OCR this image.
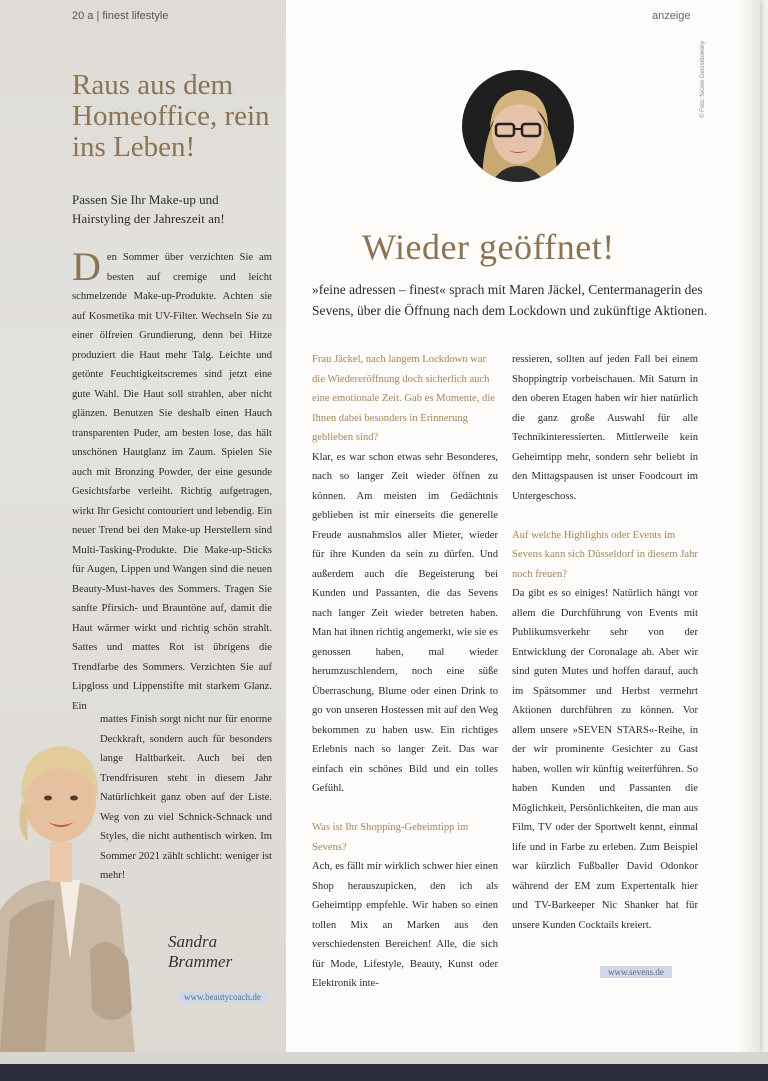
20 a | finest lifestyle	anzeige
© Foto: Nicole Gerzsidowsky
Raus aus dem Homeoffice, rein ins Leben!
Passen Sie Ihr Make-up und Hairstyling der Jahreszeit an!
Den Sommer über verzichten Sie am besten auf cremige und leicht schmelzende Make-up-Produkte. Achten sie auf Kosmetika mit UV-Filter. Wechseln Sie zu einer ölfreien Grundierung, denn bei Hitze produziert die Haut mehr Talg. Leichte und getönte Feuchtigkeitscremes sind jetzt eine gute Wahl. Die Haut soll strahlen, aber nicht glänzen. Benutzen Sie deshalb einen Hauch transparenten Puder, am besten lose, das hält unschönen Hautglanz im Zaum. Spielen Sie auch mit Bronzing Powder, der eine gesunde Gesichtsfarbe verleiht. Richtig aufgetragen, wirkt Ihr Gesicht contouriert und lebendig. Ein neuer Trend bei den Make-up Herstellern sind Multi-Tasking-Produkte. Die Make-up-Sticks für Augen, Lippen und Wangen sind die neuen Beauty-Must-haves des Sommers. Tragen Sie sanfte Pfirsich- und Brauntöne auf, damit die Haut wärmer wirkt und richtig schön strahlt. Sattes und mattes Rot ist übrigens die Trendfarbe des Sommers. Verzichten Sie auf Lipgloss und Lippenstifte mit starkem Glanz. Ein
mattes Finish sorgt nicht nur für enorme Deckkraft, sondern auch für besonders lange Haltbarkeit. Auch bei den Trendfrisuren steht in diesem Jahr Natürlichkeit ganz oben auf der Liste. Weg von zu viel Schnick-Schnack und Styles, die nicht authentisch wirken. Im Sommer 2021 zählt schlicht: weniger ist mehr!
Sandra Brammer
www.beautycoach.de
Wieder geöffnet!
»feine adressen – finest« sprach mit Maren Jäckel, Centermanagerin des Sevens, über die Öffnung nach dem Lockdown und zukünftige Aktionen.
Frau Jäckel, nach langem Lockdown war die Wiedereröffnung doch sicherlich auch eine emotionale Zeit. Gab es Momente, die Ihnen dabei besonders in Erinnerung geblieben sind?
Klar, es war schon etwas sehr Besonderes, nach so langer Zeit wieder öffnen zu können. Am meisten im Gedächtnis geblieben ist mir einerseits die generelle Freude ausnahmslos aller Mieter, wieder für ihre Kunden da sein zu dürfen. Und außerdem auch die Begeisterung bei Kunden und Passanten, die das Sevens nach langer Zeit wieder betreten haben. Man hat ihnen richtig angemerkt, wie sie es genossen haben, mal wieder herumzuschlendern, noch eine süße Überraschung, Blume oder einen Drink to go von unseren Hostessen mit auf den Weg bekommen zu haben usw. Ein richtiges Erlebnis nach so langer Zeit. Das war einfach ein schönes Bild und ein tolles Gefühl.
Was ist Ihr Shopping-Geheimtipp im Sevens?
Ach, es fällt mir wirklich schwer hier einen Shop herauszupicken, den ich als Geheimtipp empfehle. Wir haben so einen tollen Mix an Marken aus den verschiedensten Bereichen! Alle, die sich für Mode, Lifestyle, Beauty, Kunst oder Elektronik inte-
ressieren, sollten auf jeden Fall bei einem Shoppingtrip vorbeischauen. Mit Saturn in den oberen Etagen haben wir hier natürlich die ganz große Auswahl für alle Technikinteressierten. Mittlerweile kein Geheimtipp mehr, sondern sehr beliebt in den Mittagspausen ist unser Foodcourt im Untergeschoss.
Auf welche Highlights oder Events im Sevens kann sich Düsseldorf in diesem Jahr noch freuen?
Da gibt es so einiges! Natürlich hängt vor allem die Durchführung von Events mit Publikumsverkehr sehr von der Entwicklung der Coronalage ab. Aber wir sind guten Mutes und hoffen darauf, auch im Spätsommer und Herbst vermehrt Aktionen durchführen zu können. Vor allem unsere »SEVEN STARS«-Reihe, in der wir prominente Gesichter zu Gast haben, wollen wir künftig weiterführen. So haben Kunden und Passanten die Möglichkeit, Persönlichkeiten, die man aus Film, TV oder der Sportwelt kennt, einmal life und in Farbe zu erleben. Zum Beispiel war kürzlich Fußballer David Odonkor während der EM zum Expertentalk hier und TV-Barkeeper Nic Shanker hat für unsere Kunden Cocktails kreiert.
www.sevens.de
